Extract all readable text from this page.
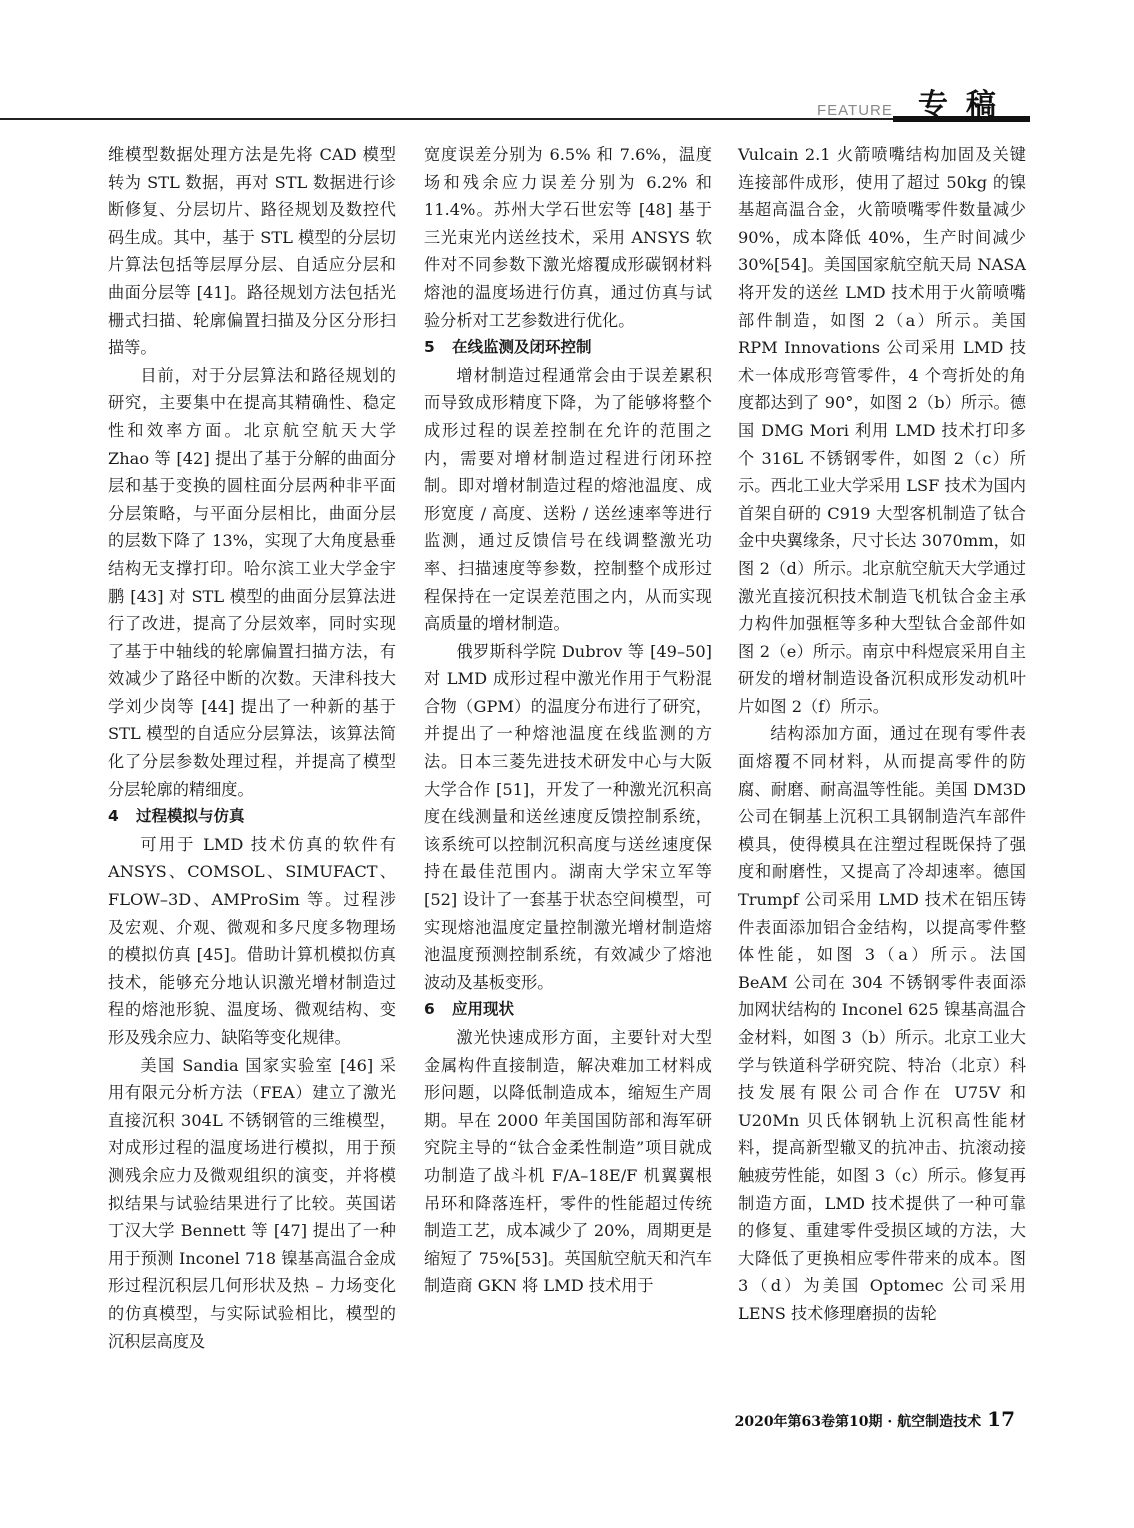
FEATURE 专稿

维模型数据处理方法是先将 CAD 模型转为 STL 数据，再对 STL 数据进行诊断修复、分层切片、路径规划及数控代码生成。其中，基于 STL 模型的分层切片算法包括等层厚分层、自适应分层和曲面分层等 [41]。路径规划方法包括光栅式扫描、轮廓偏置扫描及分区分形扫描等。

目前，对于分层算法和路径规划的研究，主要集中在提高其精确性、稳定性和效率方面。北京航空航天大学 Zhao 等 [42] 提出了基于分解的曲面分层和基于变换的圆柱面分层两种非平面分层策略，与平面分层相比，曲面分层的层数下降了 13%，实现了大角度悬垂结构无支撑打印。哈尔滨工业大学金宇鹏 [43] 对 STL 模型的曲面分层算法进行了改进，提高了分层效率，同时实现了基于中轴线的轮廓偏置扫描方法，有效减少了路径中断的次数。天津科技大学刘少岗等 [44] 提出了一种新的基于 STL 模型的自适应分层算法，该算法简化了分层参数处理过程，并提高了模型分层轮廓的精细度。

4 过程模拟与仿真

可用于 LMD 技术仿真的软件有 ANSYS、COMSOL、SIMUFACT、FLOW–3D、AMProSim 等。过程涉及宏观、介观、微观和多尺度多物理场的模拟仿真 [45]。借助计算机模拟仿真技术，能够充分地认识激光增材制造过程的熔池形貌、温度场、微观结构、变形及残余应力、缺陷等变化规律。

美国 Sandia 国家实验室 [46] 采用有限元分析方法（FEA）建立了激光直接沉积 304L 不锈钢管的三维模型，对成形过程的温度场进行模拟，用于预测残余应力及微观组织的演变，并将模拟结果与试验结果进行了比较。英国诺丁汉大学 Bennett 等 [47] 提出了一种用于预测 Inconel 718 镍基高温合金成形过程沉积层几何形状及热 – 力场变化的仿真模型，与实际试验相比，模型的沉积层高度及

宽度误差分别为 6.5% 和 7.6%，温度场和残余应力误差分别为 6.2% 和 11.4%。苏州大学石世宏等 [48] 基于三光束光内送丝技术，采用 ANSYS 软件对不同参数下激光熔覆成形碳钢材料熔池的温度场进行仿真，通过仿真与试验分析对工艺参数进行优化。

5 在线监测及闭环控制

增材制造过程通常会由于误差累积而导致成形精度下降，为了能够将整个成形过程的误差控制在允许的范围之内，需要对增材制造过程进行闭环控制。即对增材制造过程的熔池温度、成形宽度 / 高度、送粉 / 送丝速率等进行监测，通过反馈信号在线调整激光功率、扫描速度等参数，控制整个成形过程保持在一定误差范围之内，从而实现高质量的增材制造。

俄罗斯科学院 Dubrov 等 [49–50] 对 LMD 成形过程中激光作用于气粉混合物（GPM）的温度分布进行了研究，并提出了一种熔池温度在线监测的方法。日本三菱先进技术研发中心与大阪大学合作 [51]，开发了一种激光沉积高度在线测量和送丝速度反馈控制系统，该系统可以控制沉积高度与送丝速度保持在最佳范围内。湖南大学宋立军等 [52] 设计了一套基于状态空间模型，可实现熔池温度定量控制激光增材制造熔池温度预测控制系统，有效减少了熔池波动及基板变形。

6 应用现状

激光快速成形方面，主要针对大型金属构件直接制造，解决难加工材料成形问题，以降低制造成本，缩短生产周期。早在 2000 年美国国防部和海军研究院主导的“钛合金柔性制造”项目就成功制造了战斗机 F/A–18E/F 机翼翼根吊环和降落连杆，零件的性能超过传统制造工艺，成本减少了 20%，周期更是缩短了 75%[53]。英国航空航天和汽车制造商 GKN 将 LMD 技术用于

Vulcain 2.1 火箭喷嘴结构加固及关键连接部件成形，使用了超过 50kg 的镍基超高温合金，火箭喷嘴零件数量减少 90%，成本降低 40%，生产时间减少 30%[54]。美国国家航空航天局 NASA 将开发的送丝 LMD 技术用于火箭喷嘴部件制造，如图 2（a）所示。美国 RPM Innovations 公司采用 LMD 技术一体成形弯管零件，4 个弯折处的角度都达到了 90°，如图 2（b）所示。德国 DMG Mori 利用 LMD 技术打印多个 316L 不锈钢零件，如图 2（c）所示。西北工业大学采用 LSF 技术为国内首架自研的 C919 大型客机制造了钛合金中央翼缘条，尺寸长达 3070mm，如图 2（d）所示。北京航空航天大学通过激光直接沉积技术制造飞机钛合金主承力构件加强框等多种大型钛合金部件如图 2（e）所示。南京中科煜宸采用自主研发的增材制造设备沉积成形发动机叶片如图 2（f）所示。

结构添加方面，通过在现有零件表面熔覆不同材料，从而提高零件的防腐、耐磨、耐高温等性能。美国 DM3D 公司在铜基上沉积工具钢制造汽车部件模具，使得模具在注塑过程既保持了强度和耐磨性，又提高了冷却速率。德国 Trumpf 公司采用 LMD 技术在铝压铸件表面添加铝合金结构，以提高零件整体性能，如图 3（a）所示。法国 BeAM 公司在 304 不锈钢零件表面添加网状结构的 Inconel 625 镍基高温合金材料，如图 3（b）所示。北京工业大学与铁道科学研究院、特冶（北京）科技发展有限公司合作在 U75V 和 U20Mn 贝氏体钢轨上沉积高性能材料，提高新型辙叉的抗冲击、抗滚动接触疲劳性能，如图 3（c）所示。修复再制造方面，LMD 技术提供了一种可靠的修复、重建零件受损区域的方法，大大降低了更换相应零件带来的成本。图 3（d）为美国 Optomec 公司采用 LENS 技术修理磨损的齿轮

2020年第63卷第10期 · 航空制造技术 17
